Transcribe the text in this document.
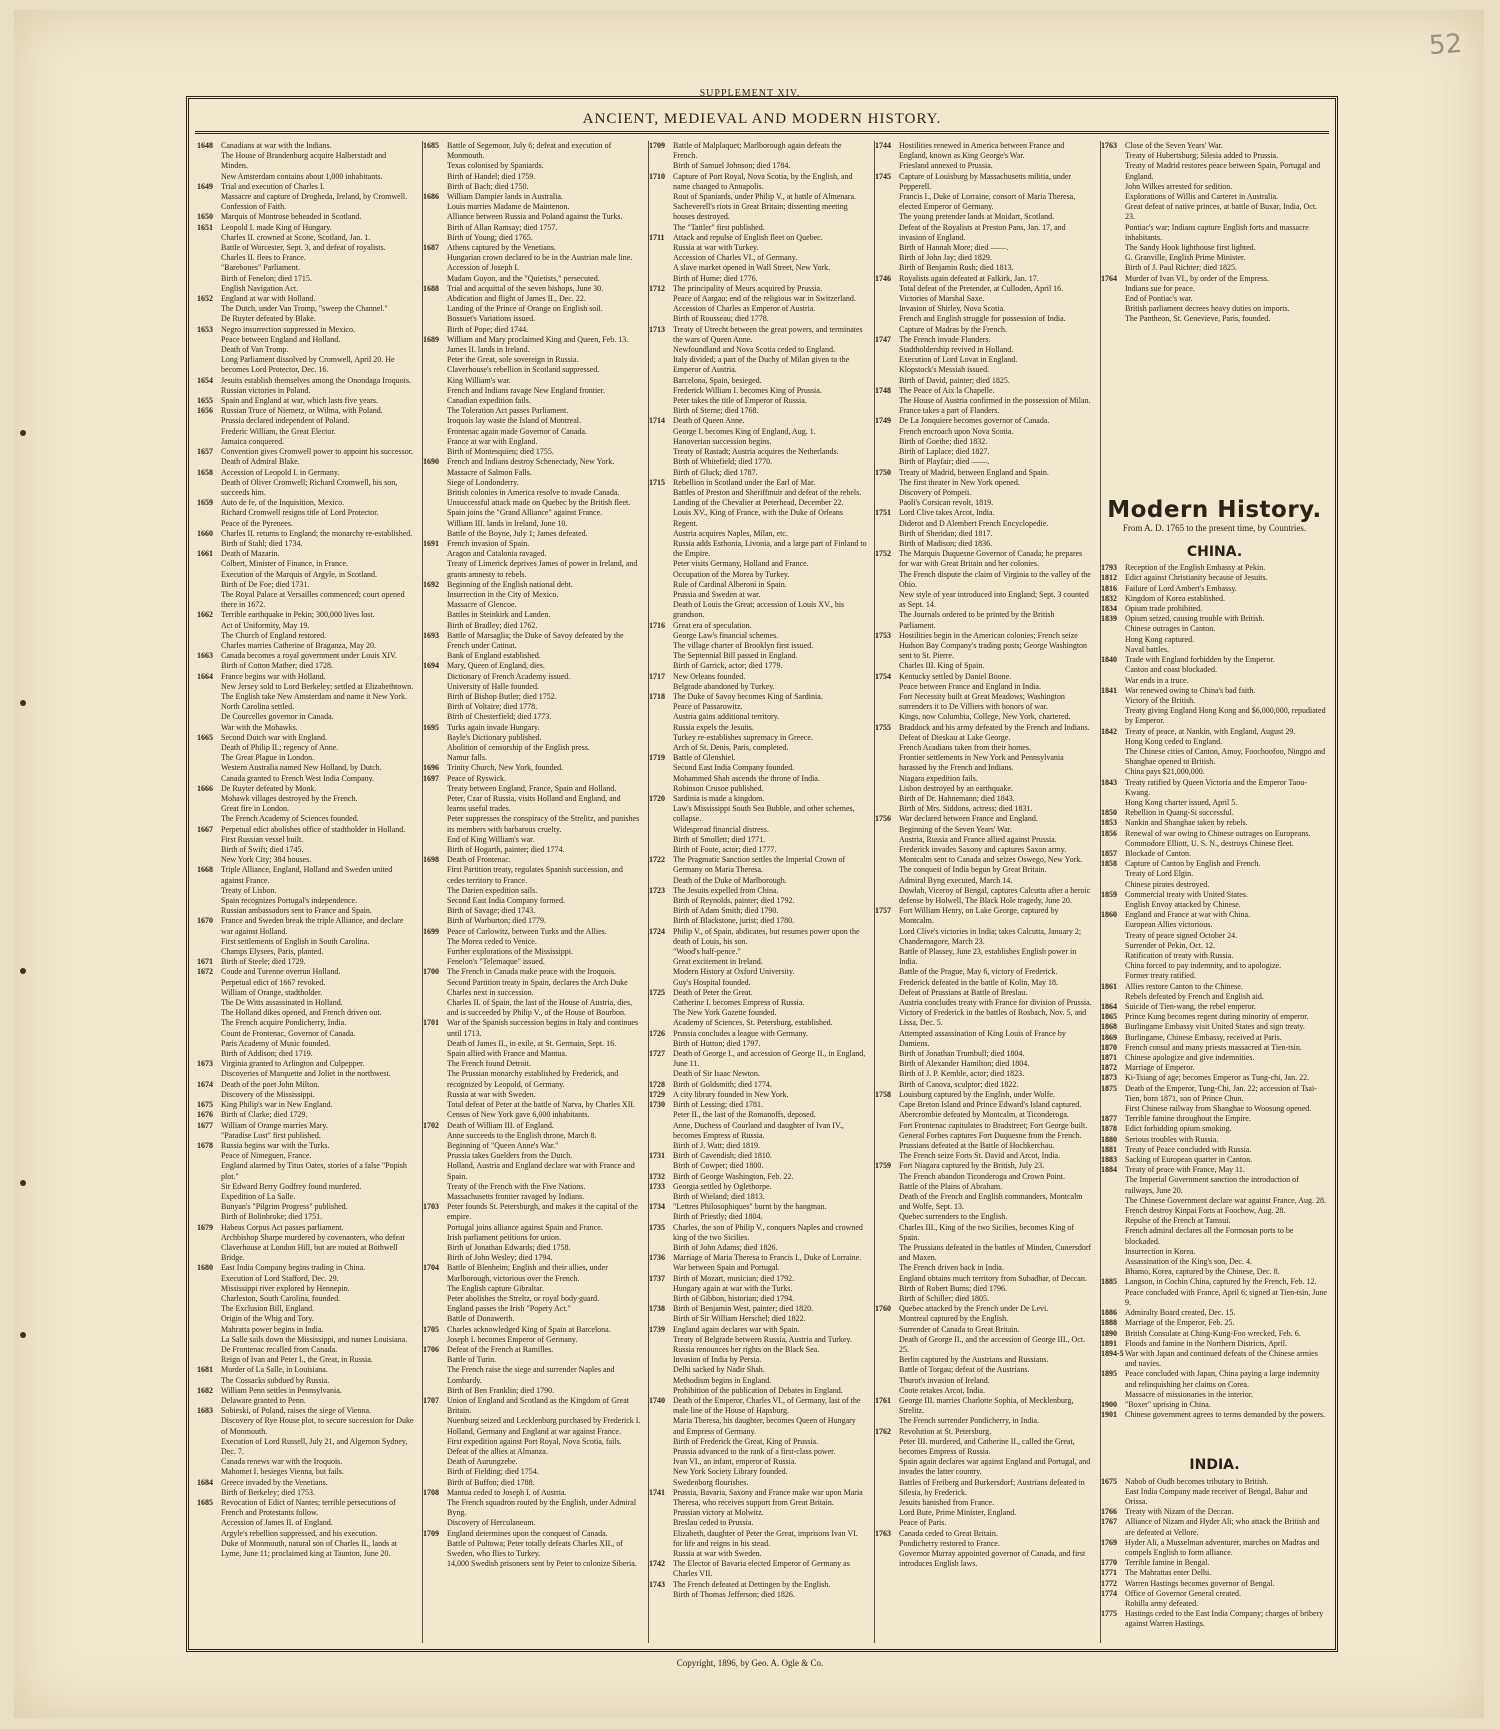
52
SUPPLEMENT XIV.
ANCIENT, MEDIEVAL AND MODERN HISTORY.
1648	Canadians at war with the Indians.
The House of Brandenburg acquire Halberstadt and Minden.
New Amsterdam contains about 1,000 inhabitants.
1649	Trial and execution of Charles I.
Massacre and capture of Drogheda, Ireland, by Cromwell.
Confession of Faith.
1650	Marquis of Montrose beheaded in Scotland.
1651	Leopold I. made King of Hungary.
Charles II. crowned at Scone, Scotland, Jan. 1.
Battle of Worcester, Sept. 3, and defeat of royalists.
Charles II. flees to France.
"Barebones" Parliament.
Birth of Fenelon; died 1715.
English Navigation Act.
1652	England at war with Holland.
The Dutch, under Van Tromp, "sweep the Channel."
De Ruyter defeated by Blake.
1653	Negro insurrection suppressed in Mexico.
Peace between England and Holland.
Death of Van Tromp.
Long Parliament dissolved by Cromwell, April 20. He becomes Lord Protector, Dec. 16.
1654	Jesuits establish themselves among the Onondaga Iroquois.
Russian victories in Poland.
1655	Spain and England at war, which lasts five years.
1656	Russian Truce of Niemetz, or Wilma, with Poland.
Prussia declared independent of Poland.
Frederic William, the Great Elector.
Jamaica conquered.
1657	Convention gives Cromwell power to appoint his successor.
Death of Admiral Blake.
1658	Accession of Leopold I. in Germany.
Death of Oliver Cromwell; Richard Cromwell, his son, succeeds him.
1659	Auto de fe, of the Inquisition, Mexico.
Richard Cromwell resigns title of Lord Protector.
Peace of the Pyrenees.
1660	Charles II. returns to England; the monarchy re-established.
Birth of Stahl; died 1734.
1661	Death of Mazarin.
Colbert, Minister of Finance, in France.
Execution of the Marquis of Argyle, in Scotland.
Birth of De Foe; died 1731.
The Royal Palace at Versailles commenced; court opened there in 1672.
1662	Terrible earthquake in Pekin; 300,000 lives lost.
Act of Uniformity, May 19.
The Church of England restored.
Charles marries Catherine of Braganza, May 20.
1663	Canada becomes a royal government under Louis XIV.
Birth of Cotton Mather; died 1728.
1664	France begins war with Holland.
New Jersey sold to Lord Berkeley; settled at Elizabethtown.
The English take New Amsterdam and name it New York.
North Carolina settled.
De Courcelles governor in Canada.
War with the Mohawks.
1665	Second Dutch war with England.
Death of Philip II.; regency of Anne.
The Great Plague in London.
Western Australia named New Holland, by Dutch.
Canada granted to French West India Company.
1666	De Ruyter defeated by Monk.
Mohawk villages destroyed by the French.
Great fire in London.
The French Academy of Sciences founded.
1667	Perpetual edict abolishes office of stadtholder in Holland.
First Russian vessel built.
Birth of Swift; died 1745.
New York City; 384 houses.
1668	Triple Alliance, England, Holland and Sweden united against France.
Treaty of Lisbon.
Spain recognizes Portugal's independence.
Russian ambassadors sent to France and Spain.
1670	France and Sweden break the triple Alliance, and declare war against Holland.
First settlements of English in South Carolina.
Champs Elysees, Paris, planted.
1671	Birth of Steele; died 1729.
1672	Coude and Turenne overrun Holland.
Perpetual edict of 1667 revoked.
William of Orange, stadtholder.
The De Witts assassinated in Holland.
The Holland dikes opened, and French driven out.
The French acquire Pondicherry, India.
Count de Frontenac, Governor of Canada.
Paris Academy of Music founded.
Birth of Addison; died 1719.
1673	Virginia granted to Arlington and Culpepper.
Discoveries of Marquette and Joliet in the northwest.
1674	Death of the poet John Milton.
Discovery of the Mississippi.
1675	King Philip's war in New England.
1676	Birth of Clarke; died 1729.
1677	William of Orange marries Mary.
"Paradise Lost" first published.
1678	Russia begins war with the Turks.
Peace of Nimeguen, France.
England alarmed by Titus Oates, stories of a false "Popish plot."
Sir Edward Berry Godfrey found murdered.
Expedition of La Salle.
Bunyan's "Pilgrim Progress" published.
Birth of Bolinbroke; died 1751.
1679	Habeas Corpus Act passes parliament.
Archbishop Sharpe murdered by covenanters, who defeat Claverhouse at London Hill, but are routed at Bothwell Bridge.
1680	East India Company begins trading in China.
Execution of Lord Stafford, Dec. 29.
Mississippi river explored by Hennepin.
Charleston, South Carolina, founded.
The Exclusion Bill, England.
Origin of the Whig and Tory.
Mahratta power begins in India.
La Salle sails down the Mississippi, and names Louisiana.
De Frontenac recalled from Canada.
Reign of Ivan and Peter I., the Great, in Russia.
1681	Murder of La Salle, in Louisiana.
The Cossacks subdued by Russia.
1682	William Penn settles in Pennsylvania.
Delaware granted to Penn.
1683	Sobieski, of Poland, raises the siege of Vienna.
Discovery of Rye House plot, to secure succession for Duke of Monmouth.
Execution of Lord Russell, July 21, and Algernon Sydney, Dec. 7.
Canada renews war with the Iroquois.
Mahomet I. besieges Vienna, but fails.
1684	Greece invaded by the Venetians.
Birth of Berkeley; died 1753.
1685	Revocation of Edict of Nantes; terrible persecutions of French and Protestants follow.
Accession of James II. of England.
Argyle's rebellion suppressed, and his execution.
Duke of Monmouth, natural son of Charles II., lands at Lyme, June 11; proclaimed king at Taunton, June 20.
1685	Battle of Segemoor, July 6; defeat and execution of Monmouth.
Texas colonised by Spaniards.
Birth of Handel; died 1759.
Birth of Bach; died 1750.
1686	William Dampier lands in Australia.
Louis marries Madame de Maintenon.
Alliance between Russia and Poland against the Turks.
Birth of Allan Ramsay; died 1757.
Birth of Young; died 1765.
1687	Athens captured by the Venetians.
Hungarian crown declared to be in the Austrian male line.
Accession of Joseph I.
Madam Guyon, and the "Quietists," persecuted.
1688	Trial and acquittal of the seven bishops, June 30.
Abdication and flight of James II., Dec. 22.
Landing of the Prince of Orange on English soil.
Bossuet's Variations issued.
Birth of Pope; died 1744.
1689	William and Mary proclaimed King and Queen, Feb. 13.
James II. lands in Ireland.
Peter the Great, sole sovereign in Russia.
Claverhouse's rebellion in Scotland suppressed.
King William's war.
French and Indians ravage New England frontier.
Canadian expedition fails.
The Toleration Act passes Parliament.
Iroquois lay waste the Island of Montreal.
Frontenac again made Governor of Canada.
France at war with England.
Birth of Montesquieu; died 1755.
1690	French and Indians destroy Schenectady, New York.
Massacre of Salmon Falls.
Siege of Londonderry.
British colonies in America resolve to invade Canada.
Unsuccessful attack made on Quebec by the British fleet.
Spain joins the "Grand Alliance" against France.
William III. lands in Ireland, June 10.
Battle of the Boyne, July 1; James defeated.
1691	French invasion of Spain.
Aragon and Catalonia ravaged.
Treaty of Limerick deprives James of power in Ireland, and grants amnesty to rebels.
1692	Beginning of the English national debt.
Insurrection in the City of Mexico.
Massacre of Glencoe.
Battles in Steinkirk and Landen.
Birth of Bradley; died 1762.
1693	Battle of Marsaglia; the Duke of Savoy defeated by the French under Catinat.
Bank of England established.
1694	Mary, Queen of England, dies.
Dictionary of French Academy issued.
University of Halle founded.
Birth of Bishop Butler; died 1752.
Birth of Voltaire; died 1778.
Birth of Chesterfield; died 1773.
1695	Turks again invade Hungary.
Bayle's Dictionary published.
Abolition of censorship of the English press.
Namur falls.
1696	Trinity Church, New York, founded.
1697	Peace of Ryswick.
Treaty between England, France, Spain and Holland.
Peter, Czar of Russia, visits Holland and England, and learns useful trades.
Peter suppresses the conspiracy of the Strelitz, and punishes its members with barbarous cruelty.
End of King William's war.
Birth of Hogarth, painter; died 1774.
1698	Death of Frontenac.
First Partition treaty, regulates Spanish succession, and cedes territory to France.
The Darien expedition sails.
Second East India Company formed.
Birth of Savage; died 1743.
Birth of Warburton; died 1779.
1699	Peace of Carlowitz, between Turks and the Allies.
The Morea ceded to Venice.
Further explorations of the Mississippi.
Fenelon's "Telemaque" issued.
1700	The French in Canada make peace with the Iroquois.
Second Partition treaty in Spain, declares the Arch Duke Charles next in succession.
Charles II. of Spain, the last of the House of Austria, dies, and is succeeded by Philip V., of the House of Bourbon.
1701	War of the Spanish succession begins in Italy and continues until 1713.
Death of James II., in exile, at St. Germain, Sept. 16.
Spain allied with France and Mantua.
The French found Detroit.
The Prussian monarchy established by Frederick, and recognized by Leopold, of Germany.
Russia at war with Sweden.
Total defeat of Peter at the battle of Narva, by Charles XII.
Census of New York gave 6,000 inhabitants.
1702	Death of William III. of England.
Anne succeeds to the English throne, March 8.
Beginning of "Queen Anne's War."
Prussia takes Guelders from the Dutch.
Holland, Austria and England declare war with France and Spain.
Treaty of the French with the Five Nations.
Massachusetts frontier ravaged by Indians.
1703	Peter founds St. Petersburgh, and makes it the capital of the empire.
Portugal joins alliance against Spain and France.
Irish parliament petitions for union.
Birth of Jonathan Edwards; died 1758.
Birth of John Wesley; died 1794.
1704	Battle of Blenheim; English and their allies, under Marlborough, victorious over the French.
The English capture Gibraltar.
Peter abolishes the Streltz, or royal body guard.
England passes the Irish "Popery Act."
Battle of Donawerth.
1705	Charles acknowledged King of Spain at Barcelona.
Joseph I. becomes Emperor of Germany.
1706	Defeat of the French at Ramilles.
Battle of Turin.
The French raise the siege and surrender Naples and Lombardy.
Birth of Ben Franklin; died 1790.
1707	Union of England and Scotland as the Kingdom of Great Britain.
Nuenburg seized and Lecklenburg purchased by Frederick I.
Holland, Germany and England at war against France.
First expedition against Port Royal, Nova Scotia, fails.
Defeat of the allies at Almanza.
Death of Aurungzebe.
Birth of Fielding; died 1754.
Birth of Buffon; died 1788.
1708	Mantua ceded to Joseph I. of Austria.
The French squadron routed by the English, under Admiral Byng.
Discovery of Herculaneum.
1709	England determines upon the conquest of Canada.
Battle of Pultowa; Peter totally defeats Charles XII., of Sweden, who flies to Turkey.
14,000 Swedish prisoners sent by Peter to colonize Siberia.
1709	Battle of Malplaquet; Marlborough again defeats the French.
Birth of Samuel Johnson; died 1784.
1710	Capture of Port Royal, Nova Scotia, by the English, and name changed to Annapolis.
Rout of Spaniards, under Philip V., at battle of Almenara.
Sacheverell's riots in Great Britain; dissenting meeting houses destroyed.
The "Tattler" first published.
1711	Attack and repulse of English fleet on Quebec.
Russia at war with Turkey.
Accession of Charles VI., of Germany.
A slave market opened in Wall Street, New York.
Birth of Hume; died 1776.
1712	The principality of Meurs acquired by Prussia.
Peace of Aargau; end of the religious war in Switzerland.
Accession of Charles as Emperor of Austria.
Birth of Rousseau; died 1778.
1713	Treaty of Utrecht between the great powers, and terminates the wars of Queen Anne.
Newfoundland and Nova Scotia ceded to England.
Italy divided; a part of the Duchy of Milan given to the Emperor of Austria.
Barcelona, Spain, besieged.
Frederick William I. becomes King of Prussia.
Peter takes the title of Emperor of Russia.
Birth of Sterne; died 1768.
1714	Death of Queen Anne.
George I. becomes King of England, Aug. 1.
Hanoverian succession begins.
Treaty of Rastadt; Austria acquires the Netherlands.
Birth of Whitefield; died 1770.
Birth of Gluck; died 1787.
1715	Rebellion in Scotland under the Earl of Mar.
Battles of Preston and Sheriffmuir and defeat of the rebels.
Landing of the Chevalier at Peterhead, December 22.
Louis XV., King of France, with the Duke of Orleans Regent.
Austria acquires Naples, Milan, etc.
Russia adds Esthonia, Livonia, and a large part of Finland to the Empire.
Peter visits Germany, Holland and France.
Occupation of the Morea by Turkey.
Rule of Cardinal Alberoni in Spain.
Prussia and Sweden at war.
Death of Louis the Great; accession of Louis XV., his grandson.
1716	Great era of speculation.
George Law's financial schemes.
The village charter of Brooklyn first issued.
The Septennial Bill passed in England.
Birth of Garrick, actor; died 1779.
1717	New Orleans founded.
Belgrade abandoned by Turkey.
1718	The Duke of Savoy becomes King of Sardinia.
Peace of Passarowitz.
Austria gains additional territory.
Russia expels the Jesuits.
Turkey re-establishes supremacy in Greece.
Arch of St. Denis, Paris, completed.
1719	Battle of Glenshiel.
Second East India Company founded.
Mohammed Shah ascends the throne of India.
Robinson Crusoe published.
1720	Sardinia is made a kingdom.
Law's Mississippi South Sea Bubble, and other schemes, collapse.
Widespread financial distress.
Birth of Smollett; died 1771.
Birth of Foote, actor; died 1777.
1722	The Pragmatic Sanction settles the Imperial Crown of Germany on Maria Theresa.
Death of the Duke of Marlborough.
1723	The Jesuits expelled from China.
Birth of Reynolds, painter; died 1792.
Birth of Adam Smith; died 1790.
Birth of Blackstone, jurist; died 1780.
1724	Philip V., of Spain, abdicates, but resumes power upon the death of Louis, his son.
"Wood's half-pence."
Great excitement in Ireland.
Modern History at Oxford University.
Guy's Hospital founded.
1725	Death of Peter the Great.
Catherine I. becomes Empress of Russia.
The New York Gazette founded.
Academy of Sciences, St. Petersburg, established.
1726	Prussia concludes a league with Germany.
Birth of Hutton; died 1797.
1727	Death of George I., and accession of George II., in England, June 11.
Death of Sir Isaac Newton.
1728	Birth of Goldsmith; died 1774.
1729	A city library founded in New York.
1730	Birth of Lessing; died 1781.
Peter II., the last of the Romanoffs, deposed.
Anne, Duchess of Courland and daughter of Ivan IV., becomes Empress of Russia.
Birth of J. Watt; died 1819.
1731	Birth of Cavendish; died 1810.
Birth of Cowper; died 1800.
1732	Birth of George Washington, Feb. 22.
1733	Georgia settled by Oglethorpe.
Birth of Wieland; died 1813.
1734	"Lettres Philosophiques" burnt by the hangman.
Birth of Priestly; died 1804.
1735	Charles, the son of Philip V., conquers Naples and crowned king of the two Sicilies.
Birth of John Adams; died 1826.
1736	Marriage of Maria Theresa to Francis I., Duke of Lorraine.
War between Spain and Portugal.
1737	Birth of Mozart, musician; died 1792.
Hungary again at war with the Turks.
Birth of Gibbon, historian; died 1794.
1738	Birth of Benjamin West, painter; died 1820.
Birth of Sir William Herschel; died 1822.
1739	England again declares war with Spain.
Treaty of Belgrade between Russia, Austria and Turkey.
Russia renounces her rights on the Black Sea.
Invasion of India by Persia.
Delhi sacked by Nadir Shah.
Methodism begins in England.
Prohibition of the publication of Debates in England.
1740	Death of the Emperor, Charles VI., of Germany, last of the male line of the House of Hapsburg.
Maria Theresa, his daughter, becomes Queen of Hungary and Empress of Germany.
Birth of Frederick the Great, King of Prussia.
Prussia advanced to the rank of a first-class power.
Ivan VI., an infant, emperor of Russia.
New York Society Library founded.
Swedenborg flourishes.
1741	Prussia, Bavaria, Saxony and France make war upon Maria Theresa, who receives support from Great Britain.
Prussian victory at Molwitz.
Breslau ceded to Prussia.
Elizabeth, daughter of Peter the Great, imprisons Ivan VI. for life and reigns in his stead.
Russia at war with Sweden.
1742	The Elector of Bavaria elected Emperor of Germany as Charles VII.
1743	The French defeated at Dettingen by the English.
Birth of Thomas Jefferson; died 1826.
1744	Hostilities renewed in America between France and England, known as King George's War.
Friesland annexed to Prussia.
1745	Capture of Louisburg by Massachusetts militia, under Pepperell.
Francis I., Duke of Lorraine, consort of Maria Theresa, elected Emperor of Germany.
The young pretender lands at Moidart, Scotland.
Defeat of the Royalists at Preston Pans, Jan. 17, and invasion of England.
Birth of Hannah More; died ——.
Birth of John Jay; died 1829.
Birth of Benjamin Rush; died 1813.
1746	Royalists again defeated at Falkirk, Jan. 17.
Total defeat of the Pretender, at Culloden, April 16.
Victories of Marshal Saxe.
Invasion of Shirley, Nova Scotia.
French and English struggle for possession of India.
Capture of Madras by the French.
1747	The French invade Flanders.
Stadtholdership revived in Holland.
Execution of Lord Lovat in England.
Klopstock's Messiah issued.
Birth of David, painter; died 1825.
1748	The Peace of Aix la Chapelle.
The House of Austria confirmed in the possession of Milan.
France takes a part of Flanders.
1749	De La Jonquiere becomes governor of Canada.
French encroach upon Nova Scotia.
Birth of Goethe; died 1832.
Birth of Laplace; died 1827.
Birth of Playfair; died ——.
1750	Treaty of Madrid, between England and Spain.
The first theater in New York opened.
Discovery of Pompeii.
Paoli's Corsican revolt, 1819.
1751	Lord Clive takes Arcot, India.
Diderot and D Alembert French Encyclopedie.
Birth of Sheridan; died 1817.
Birth of Madison; died 1836.
1752	The Marquis Duquesne Governor of Canada; he prepares for war with Great Britain and her colonies.
The French dispute the claim of Virginia to the valley of the Ohio.
New style of year introduced into England; Sept. 3 counted as Sept. 14.
The Journals ordered to be printed by the British Parliament.
1753	Hostilities begin in the American colonies; French seize Hudson Bay Company's trading posts; George Washington sent to St. Pierre.
Charles III. King of Spain.
1754	Kentucky settled by Daniel Boone.
Peace between France and England in India.
Fort Necessity built at Great Meadows; Washington surrenders it to De Villiers with honors of war.
Kings, now Columbia, College, New York, chartered.
1755	Braddock and his army defeated by the French and Indians.
Defeat of Dieskau at Lake George.
French Acadians taken from their homes.
Frontier settlements in New York and Pennsylvania harassed by the French and Indians.
Niagara expedition fails.
Lisbon destroyed by an earthquake.
Birth of Dr. Hahnemann; died 1843.
Birth of Mrs. Siddons, actress; died 1831.
1756	War declared between France and England.
Beginning of the Seven Years' War.
Austria, Russia and France allied against Prussia.
Frederick invades Saxony and captures Saxon army.
Montcalm sent to Canada and seizes Oswego, New York.
The conquest of India begun by Great Britain.
Admiral Byng executed, March 14.
Dowlah, Viceroy of Bengal, captures Calcutta after a heroic defense by Holwell, The Black Hole tragedy, June 20.
1757	Fort William Henry, on Lake George, captured by Montcalm.
Lord Clive's victories in India; takes Calcutta, January 2; Chandernagore, March 23.
Battle of Plassey, June 23, establishes English power in India.
Battle of the Prague, May 6, victory of Frederick.
Frederick defeated in the battle of Kolin, May 18.
Defeat of Prussians at Battle of Breslau.
Austria concludes treaty with France for division of Prussia.
Victory of Frederick in the battles of Rosbach, Nov. 5, and Lissa, Dec. 5.
Attempted assassination of King Louis of France by Damiens.
Birth of Jonathan Trumbull; died 1804.
Birth of Alexander Hamilton; died 1804.
Birth of J. P. Kemble, actor; died 1823.
Birth of Canova, sculptor; died 1822.
1758	Louisburg captured by the English, under Wolfe.
Cape Breton Island and Prince Edward's Island captured.
Abercrombie defeated by Montcalm, at Ticonderoga.
Fort Frontenac capitulates to Bradstreet; Fort George built.
General Forbes captures Fort Duquesne from the French.
Prussians defeated at the Battle of Hochkerchau.
The French seize Forts St. David and Arcot, India.
1759	Fort Niagara captured by the British, July 23.
The French abandon Ticonderoga and Crown Point.
Battle of the Plains of Abraham.
Death of the French and English commanders, Montcalm and Wolfe, Sept. 13.
Quebec surrenders to the English.
Charles III., King of the two Sicilies, becomes King of Spain.
The Prussians defeated in the battles of Minden, Cunersdorf and Maxen.
The French driven back in India.
England obtains much territory from Subadhar, of Deccan.
Birth of Robert Burns; died 1796.
Birth of Schiller; died 1805.
1760	Quebec attacked by the French under De Levi.
Montreal captured by the English.
Surrender of Canada to Great Britain.
Death of George II., and the accession of George III., Oct. 25.
Berlin captured by the Austrians and Russians.
Battle of Torgau; defeat of the Austrians.
Thurot's invasion of Ireland.
Coote retakes Arcot, India.
1761	George III. marries Charlotte Sophia, of Mecklenburg, Strelitz.
The French surrender Pondicherry, in India.
1762	Revolution at St. Petersburg.
Peter III. murdered, and Catherine II., called the Great, becomes Empress of Russia.
Spain again declares war against England and Portugal, and invades the latter country.
Battles of Freiberg and Burkersdorf; Austrians defeated in Silesia, by Frederick.
Jesuits banished from France.
Lord Bute, Prime Minister, England.
Peace of Paris.
1763	Canada ceded to Great Britain.
Pondicherry restored to France.
Governor Murray appointed governor of Canada, and first introduces English laws.
1763	Close of the Seven Years' War.
Treaty of Hubertsburg; Silesia added to Prussia.
Treaty of Madrid restores peace between Spain, Portugal and England.
John Wilkes arrested for sedition.
Explorations of Willis and Carteret in Australia.
Great defeat of native princes, at battle of Buxar, India, Oct. 23.
Pontiac's war; Indians capture English forts and massacre inhabitants.
The Sandy Hook lighthouse first lighted.
G. Granville, English Prime Minister.
Birth of J. Paul Richter; died 1825.
1764	Murder of Ivan VI., by order of the Empress.
Indians sue for peace.
End of Pontiac's war.
British parliament decrees heavy duties on imports.
The Pantheon, St. Genevieve, Paris, founded.
Modern History.
From A. D. 1765 to the present time, by Countries.
CHINA.
1793	Reception of the English Embassy at Pekin.
1812	Edict against Christianity because of Jesuits.
1816	Failure of Lord Ambert's Embassy.
1832	Kingdom of Korea established.
1834	Opium trade prohibited.
1839	Opium seized, causing trouble with British.
Chinese outrages in Canton.
Hong Kong captured.
Naval battles.
1840	Trade with England forbidden by the Emperor.
Canton and coast blockaded.
War ends in a truce.
1841	War renewed owing to China's bad faith.
Victory of the British.
Treaty giving England Hong Kong and $6,000,000, repudiated by Emperor.
1842	Treaty of peace, at Nankin, with England, August 29.
Hong Kong ceded to England.
The Chinese cities of Canton, Amoy, Foochoofoo, Ningpo and Shanghae opened to British.
China pays $21,000,000.
1843	Treaty ratified by Queen Victoria and the Emperor Taou-Kwang.
Hong Kong charter issued, April 5.
1850	Rebellion in Quang-Si successful.
1853	Nankin and Shanghae taken by rebels.
1856	Renewal of war owing to Chinese outrages on Europeans.
Commodore Elliott, U. S. N., destroys Chinese fleet.
1857	Blockade of Canton.
1858	Capture of Canton by English and French.
Treaty of Lord Elgin.
Chinese pirates destroyed.
1859	Commercial treaty with United States.
English Envoy attacked by Chinese.
1860	England and France at war with China.
European Allies victorious.
Treaty of peace signed October 24.
Surrender of Pekin, Oct. 12.
Ratification of treaty with Russia.
China forced to pay indemnity, and to apologize.
Former treaty ratified.
1861	Allies restore Canton to the Chinese.
Rebels defeated by French and English aid.
1864	Suicide of Tien-wang, the rebel emperor.
1865	Prince Kung becomes regent during minority of emperor.
1868	Burlingame Embassy visit United States and sign treaty.
1869	Burlingame, Chinese Embassy, received at Paris.
1870	French consul and many priests massacred at Tien-tsin.
1871	Chinese apologize and give indemnities.
1872	Marriage of Emperor.
1873	Ki-Tsiang of age; becomes Emperor as Tung-chi, Jan. 22.
1875	Death of the Emperor, Tung-Chi, Jan. 22; accession of Tsai-Tien, born 1871, son of Prince Chun.
First Chinese railway from Shanghae to Woosung opened.
1877	Terrible famine throughout the Empire.
1878	Edict forbidding opium smoking.
1880	Serious troubles with Russia.
1881	Treaty of Peace concluded with Russia.
1883	Sacking of European quarter in Canton.
1884	Treaty of peace with France, May 11.
The Imperial Government sanction the introduction of railways, June 20.
The Chinese Government declare war against France, Aug. 28.
French destroy Kinpai Forts at Foochow, Aug. 28.
Repulse of the French at Tamsui.
French admiral declares all the Formosan ports to be blockaded.
Insurrection in Korea.
Assassination of the King's son, Dec. 4.
Bhamo, Korea, captured by the Chinese, Dec. 8.
1885	Langson, in Cochin China, captured by the French, Feb. 12.
Peace concluded with France, April 6; signed at Tien-tsin, June 9.
1886	Admiralty Board created, Dec. 15.
1888	Marriage of the Emperor, Feb. 25.
1890	British Consulate at Ching-Kung-Foo wrecked, Feb. 6.
1891	Floods and famine in the Northern Districts, April.
1894-5 War with Japan and continued defeats of the Chinese armies and navies.
1895	Peace concluded with Japan, China paying a large indemnity and relinquishing her claims on Corea.
Massacre of missionaries in the interior.
1900	"Boxer" uprising in China.
1901	Chinese government agrees to terms demanded by the powers.
INDIA.
1675	Nabob of Oudh becomes tributary to British.
East India Company made receiver of Bengal, Bahar and Orissa.
1766	Treaty with Nizam of the Deccan.
1767	Alliance of Nizam and Hyder Ali; who attack the British and are defeated at Vellore.
1769	Hyder Ali, a Musselman adventurer, marches on Madras and compels English to form alliance.
1770	Terrible famine in Bengal.
1771	The Mahrattas enter Delhi.
1772	Warren Hastings becomes governor of Bengal.
1774	Office of Governor General created.
Robilla army defeated.
1775	Hastings ceded to the East India Company; charges of bribery against Warren Hastings.
Copyright, 1896, by Geo. A. Ogle & Co.
